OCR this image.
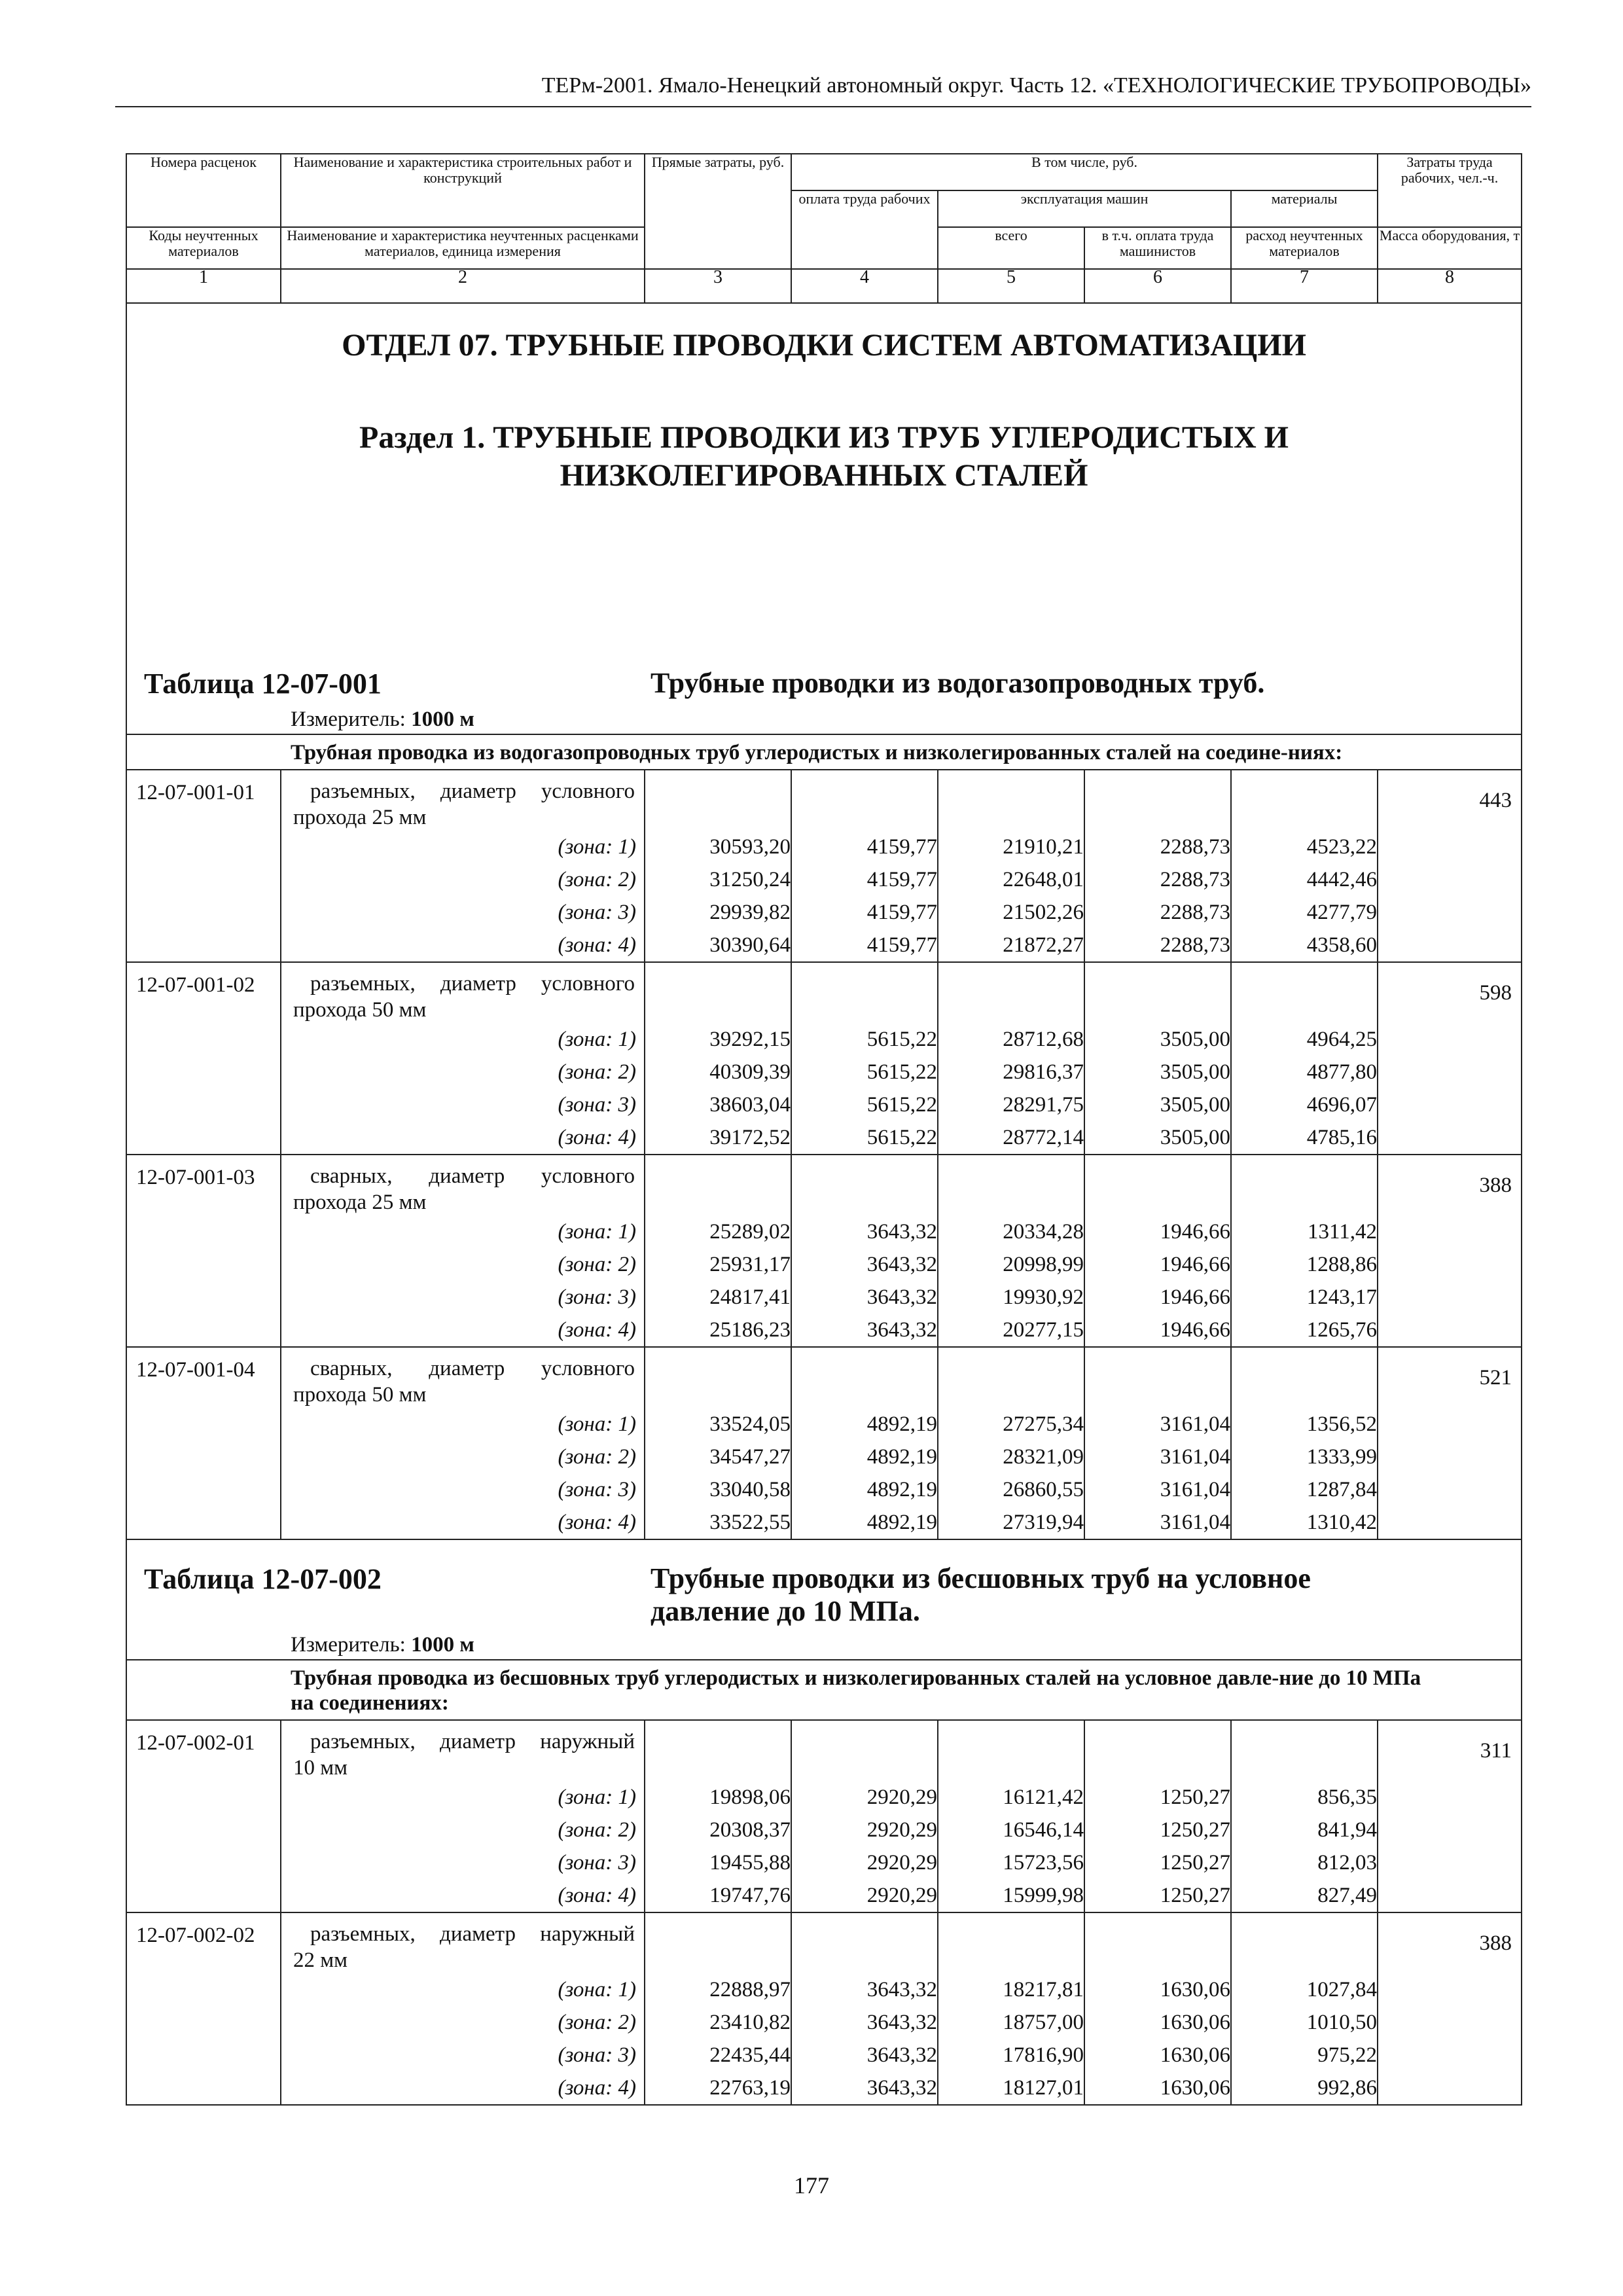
ТЕРм-2001. Ямало-Ненецкий автономный округ. Часть 12. «ТЕХНОЛОГИЧЕСКИЕ ТРУБОПРОВОДЫ»
Номера расценок	Наименование и характеристика строительных работ и конструкций	Прямые затраты, руб.	В том числе, руб.				Затраты труда рабочих, чел.-ч.
			оплата труда рабочих	эксплуатация машин		материалы	
Коды неучтенных материалов	Наименование и характеристика неучтенных расценками материалов, единица измерения			всего	в т.ч. оплата труда машинистов	расход неучтенных материалов	Масса оборудования, т
1	2	3	4	5	6	7	8

ОТДЕЛ 07. ТРУБНЫЕ ПРОВОДКИ СИСТЕМ АВТОМАТИЗАЦИИ
Раздел 1. ТРУБНЫЕ ПРОВОДКИ ИЗ ТРУБ УГЛЕРОДИСТЫХ И
НИЗКОЛЕГИРОВАННЫХ СТАЛЕЙ							

Таблица 12-07-001 Трубные проводки из водогазопроводных труб.
Измеритель: 1000 м							

Трубная проводка из водогазопроводных труб углеродистых и низколегированных сталей на соедине-ниях:							

12-07-001-01	разъемных, диаметр условного
прохода 25 мм						443
	(зона: 1)	30593,20	4159,77	21910,21	2288,73	4523,22	
	(зона: 2)	31250,24	4159,77	22648,01	2288,73	4442,46	
	(зона: 3)	29939,82	4159,77	21502,26	2288,73	4277,79	
	(зона: 4)	30390,64	4159,77	21872,27	2288,73	4358,60	
12-07-001-02	разъемных, диаметр условного
прохода 50 мм						598
	(зона: 1)	39292,15	5615,22	28712,68	3505,00	4964,25	
	(зона: 2)	40309,39	5615,22	29816,37	3505,00	4877,80	
	(зона: 3)	38603,04	5615,22	28291,75	3505,00	4696,07	
	(зона: 4)	39172,52	5615,22	28772,14	3505,00	4785,16	
12-07-001-03	сварных, диаметр условного
прохода 25 мм						388
	(зона: 1)	25289,02	3643,32	20334,28	1946,66	1311,42	
	(зона: 2)	25931,17	3643,32	20998,99	1946,66	1288,86	
	(зона: 3)	24817,41	3643,32	19930,92	1946,66	1243,17	
	(зона: 4)	25186,23	3643,32	20277,15	1946,66	1265,76	
12-07-001-04	сварных, диаметр условного
прохода 50 мм						521
	(зона: 1)	33524,05	4892,19	27275,34	3161,04	1356,52	
	(зона: 2)	34547,27	4892,19	28321,09	3161,04	1333,99	
	(зона: 3)	33040,58	4892,19	26860,55	3161,04	1287,84	
	(зона: 4)	33522,55	4892,19	27319,94	3161,04	1310,42	

Таблица 12-07-002 Трубные проводки из бесшовных труб на условное давление до 10 МПа.
Измеритель: 1000 м							

Трубная проводка из бесшовных труб углеродистых и низколегированных сталей на условное давле-ние до 10 МПа на соединениях:							

12-07-002-01	разъемных, диаметр наружный
10 мм						311
	(зона: 1)	19898,06	2920,29	16121,42	1250,27	856,35	
	(зона: 2)	20308,37	2920,29	16546,14	1250,27	841,94	
	(зона: 3)	19455,88	2920,29	15723,56	1250,27	812,03	
	(зона: 4)	19747,76	2920,29	15999,98	1250,27	827,49	
12-07-002-02	разъемных, диаметр наружный
22 мм						388
	(зона: 1)	22888,97	3643,32	18217,81	1630,06	1027,84	
	(зона: 2)	23410,82	3643,32	18757,00	1630,06	1010,50	
	(зона: 3)	22435,44	3643,32	17816,90	1630,06	975,22	
	(зона: 4)	22763,19	3643,32	18127,01	1630,06	992,86	
177
